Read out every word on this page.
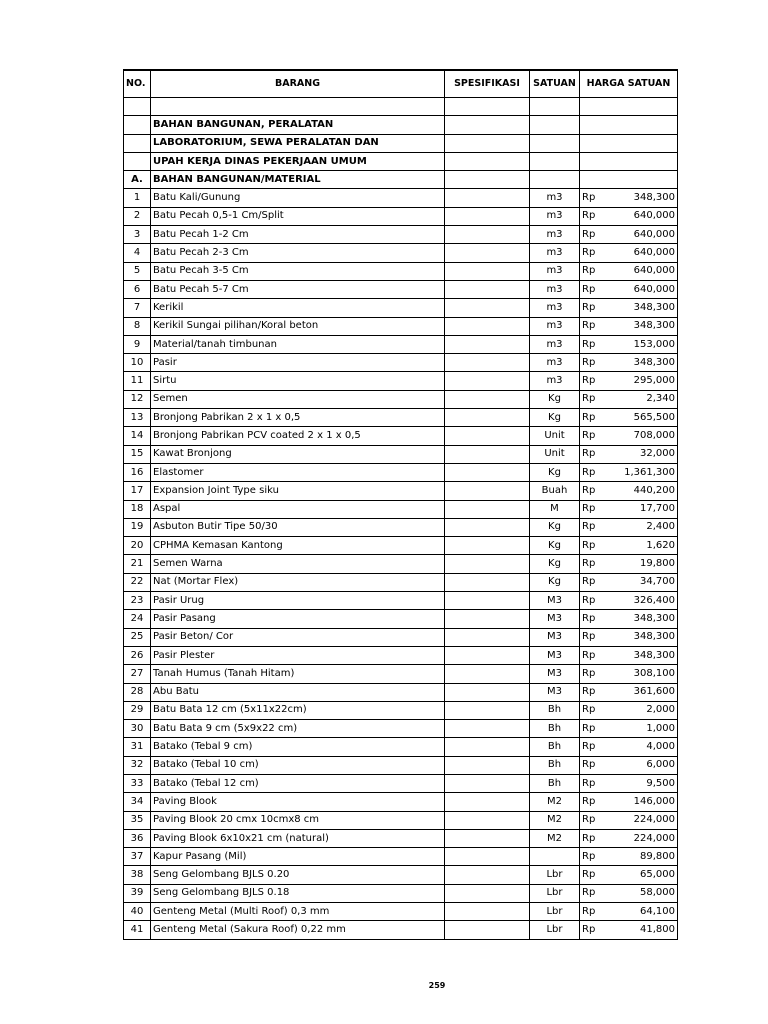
NO.	BARANG	SPESIFIKASI	SATUAN	HARGA SATUAN

	BAHAN BANGUNAN, PERALATAN			
	LABORATORIUM, SEWA PERALATAN DAN			
	UPAH KERJA DINAS PEKERJAAN UMUM			
A.	BAHAN BANGUNAN/MATERIAL			
1	Batu Kali/Gunung		m3	Rp 348,300

2	Batu Pecah 0,5-1 Cm/Split		m3	Rp 640,000

3	Batu Pecah 1-2 Cm		m3	Rp 640,000

4	Batu Pecah 2-3 Cm		m3	Rp 640,000

5	Batu Pecah 3-5 Cm		m3	Rp 640,000

6	Batu Pecah 5-7 Cm		m3	Rp 640,000

7	Kerikil		m3	Rp 348,300

8	Kerikil Sungai pilihan/Koral beton		m3	Rp 348,300

9	Material/tanah timbunan		m3	Rp 153,000

10	Pasir		m3	Rp 348,300

11	Sirtu		m3	Rp 295,000

12	Semen		Kg	Rp 2,340

13	Bronjong Pabrikan 2 x 1 x 0,5		Kg	Rp 565,500

14	Bronjong Pabrikan PCV coated 2 x 1 x 0,5		Unit	Rp 708,000

15	Kawat Bronjong		Unit	Rp 32,000

16	Elastomer		Kg	Rp 1,361,300

17	Expansion Joint Type siku		Buah	Rp 440,200

18	Aspal		M	Rp 17,700

19	Asbuton Butir Tipe 50/30		Kg	Rp 2,400

20	CPHMA Kemasan Kantong		Kg	Rp 1,620

21	Semen Warna		Kg	Rp 19,800

22	Nat (Mortar Flex)		Kg	Rp 34,700

23	Pasir Urug		M3	Rp 326,400

24	Pasir Pasang		M3	Rp 348,300

25	Pasir Beton/ Cor		M3	Rp 348,300

26	Pasir Plester		M3	Rp 348,300

27	Tanah Humus (Tanah Hitam)		M3	Rp 308,100

28	Abu Batu		M3	Rp 361,600

29	Batu Bata 12 cm (5x11x22cm)		Bh	Rp 2,000

30	Batu Bata 9 cm (5x9x22 cm)		Bh	Rp 1,000

31	Batako (Tebal 9 cm)		Bh	Rp 4,000

32	Batako (Tebal 10 cm)		Bh	Rp 6,000

33	Batako (Tebal 12 cm)		Bh	Rp 9,500

34	Paving Blook		M2	Rp 146,000

35	Paving Blook 20 cmx 10cmx8 cm		M2	Rp 224,000

36	Paving Blook 6x10x21 cm (natural)		M2	Rp 224,000

37	Kapur Pasang (Mil)			Rp 89,800

38	Seng Gelombang BJLS 0.20		Lbr	Rp 65,000

39	Seng Gelombang BJLS 0.18		Lbr	Rp 58,000

40	Genteng Metal (Multi Roof) 0,3 mm		Lbr	Rp 64,100

41	Genteng Metal (Sakura Roof) 0,22 mm		Lbr	Rp 41,800
259
